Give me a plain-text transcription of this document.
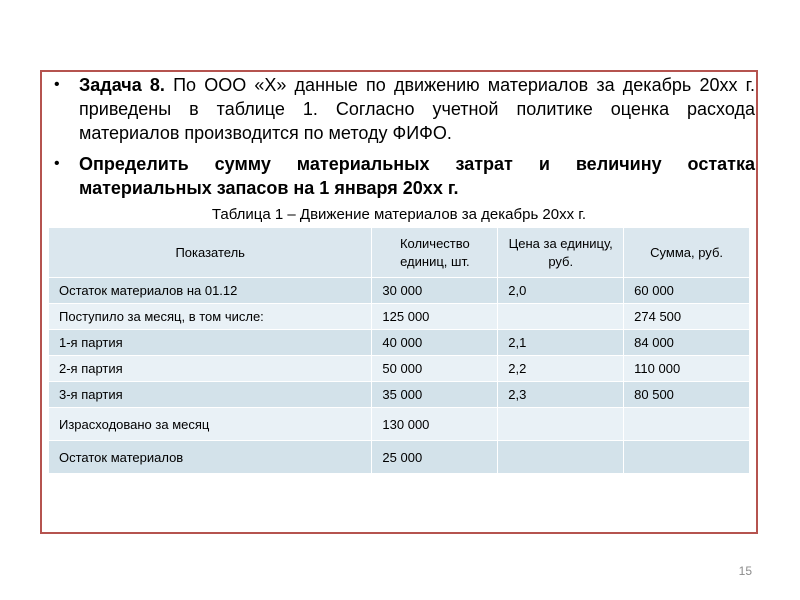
• Задача 8. По ООО «Х» данные по движению материалов за декабрь 20хх г. приведены в таблице 1. Согласно учетной политике оценка расхода материалов производится по методу ФИФО.
• Определить сумму материальных затрат и величину остатка материальных запасов на 1 января 20хх г.
Таблица 1 – Движение материалов за декабрь 20хх г.
Показатель	Количество единиц, шт.	Цена за единицу, руб.	Сумма, руб.
Остаток материалов на 01.12	30 000	2,0	60 000
Поступило за месяц, в том числе:	125 000		274 500
1-я партия	40 000	2,1	84 000
2-я партия	50 000	2,2	110 000
3-я партия	35 000	2,3	80 500
Израсходовано за месяц	130 000		
Остаток материалов	25 000		
15
